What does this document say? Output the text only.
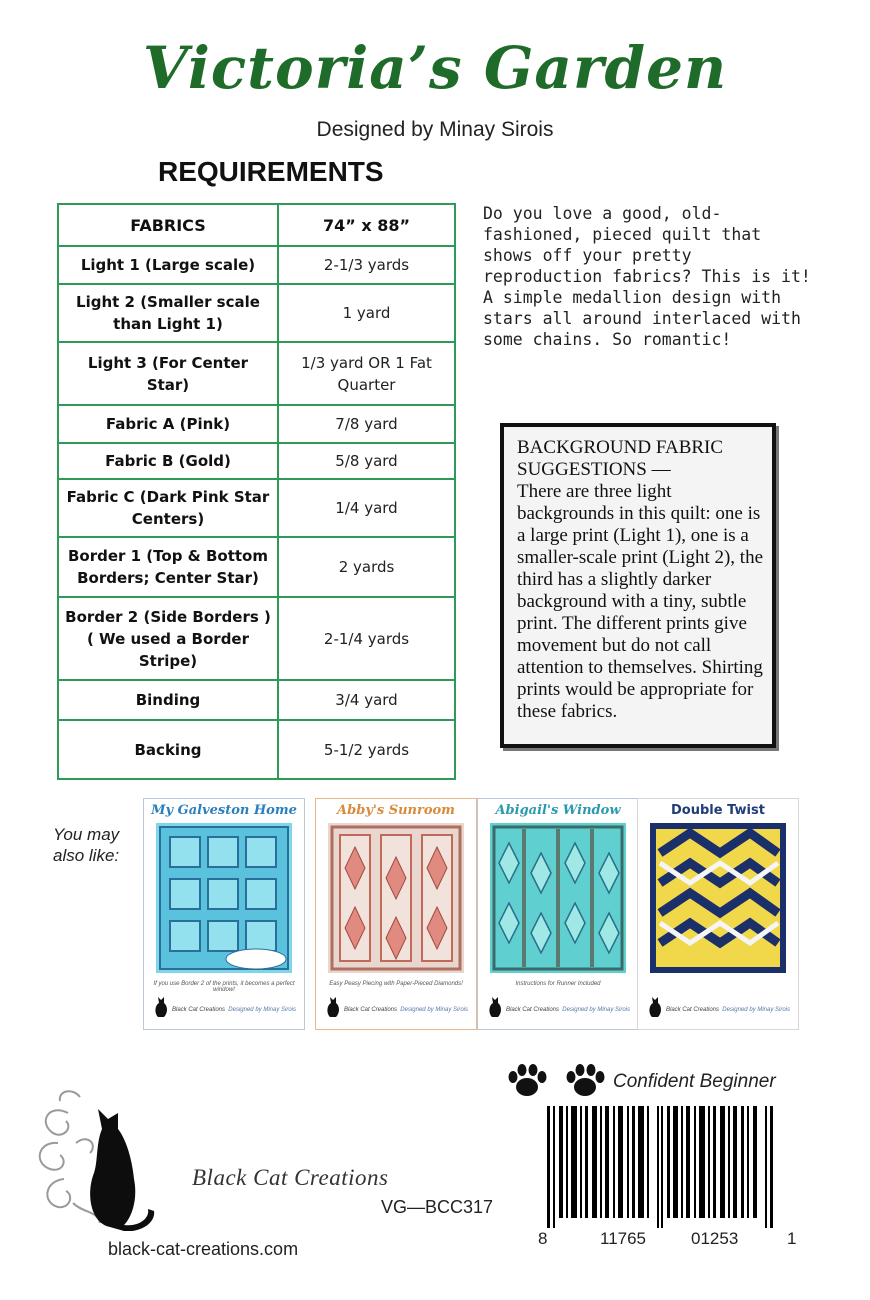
Victoria’s Garden
Designed by Minay Sirois
REQUIREMENTS
FABRICS	74” x 88”
Light 1 (Large scale)	2-1/3 yards
Light 2 (Smaller scale than Light 1)	1 yard
Light 3 (For Center Star)	1/3 yard OR 1 Fat Quarter
Fabric A (Pink)	7/8 yard
Fabric B (Gold)	5/8 yard
Fabric C (Dark Pink Star Centers)	1/4 yard
Border 1 (Top & Bottom Borders; Center Star)	2 yards
Border 2 (Side Borders ) ( We used a Border Stripe)	2-1/4 yards
Binding	3/4 yard
Backing	5-1/2 yards
Do you love a good, old-fashioned, pieced quilt that shows off your pretty reproduction fabrics? This is it! A simple medallion design with stars all around interlaced with some chains. So romantic!
BACKGROUND FABRIC SUGGESTIONS —
There are three light backgrounds in this quilt: one is a large print (Light 1), one is a smaller-scale print (Light 2), the third has a slightly darker background with a tiny, subtle print. The different prints give movement but do not call attention to themselves. Shirting prints would be appropriate for these fabrics.
You may also like:
My Galveston Home
If you use Border 2 of the prints, it becomes a perfect window!
Black Cat Creations Designed by Minay Sirois
Abby's Sunroom
Easy Peasy Piecing with Paper-Pieced Diamonds!
Black Cat Creations Designed by Minay Sirois
Abigail's Window
Instructions for Runner Included
Black Cat Creations Designed by Minay Sirois
Double Twist
Black Cat Creations Designed by Minay Sirois
Confident Beginner
8	11765	01253	1
Black Cat Creations
black-cat-creations.com
VG—BCC317
